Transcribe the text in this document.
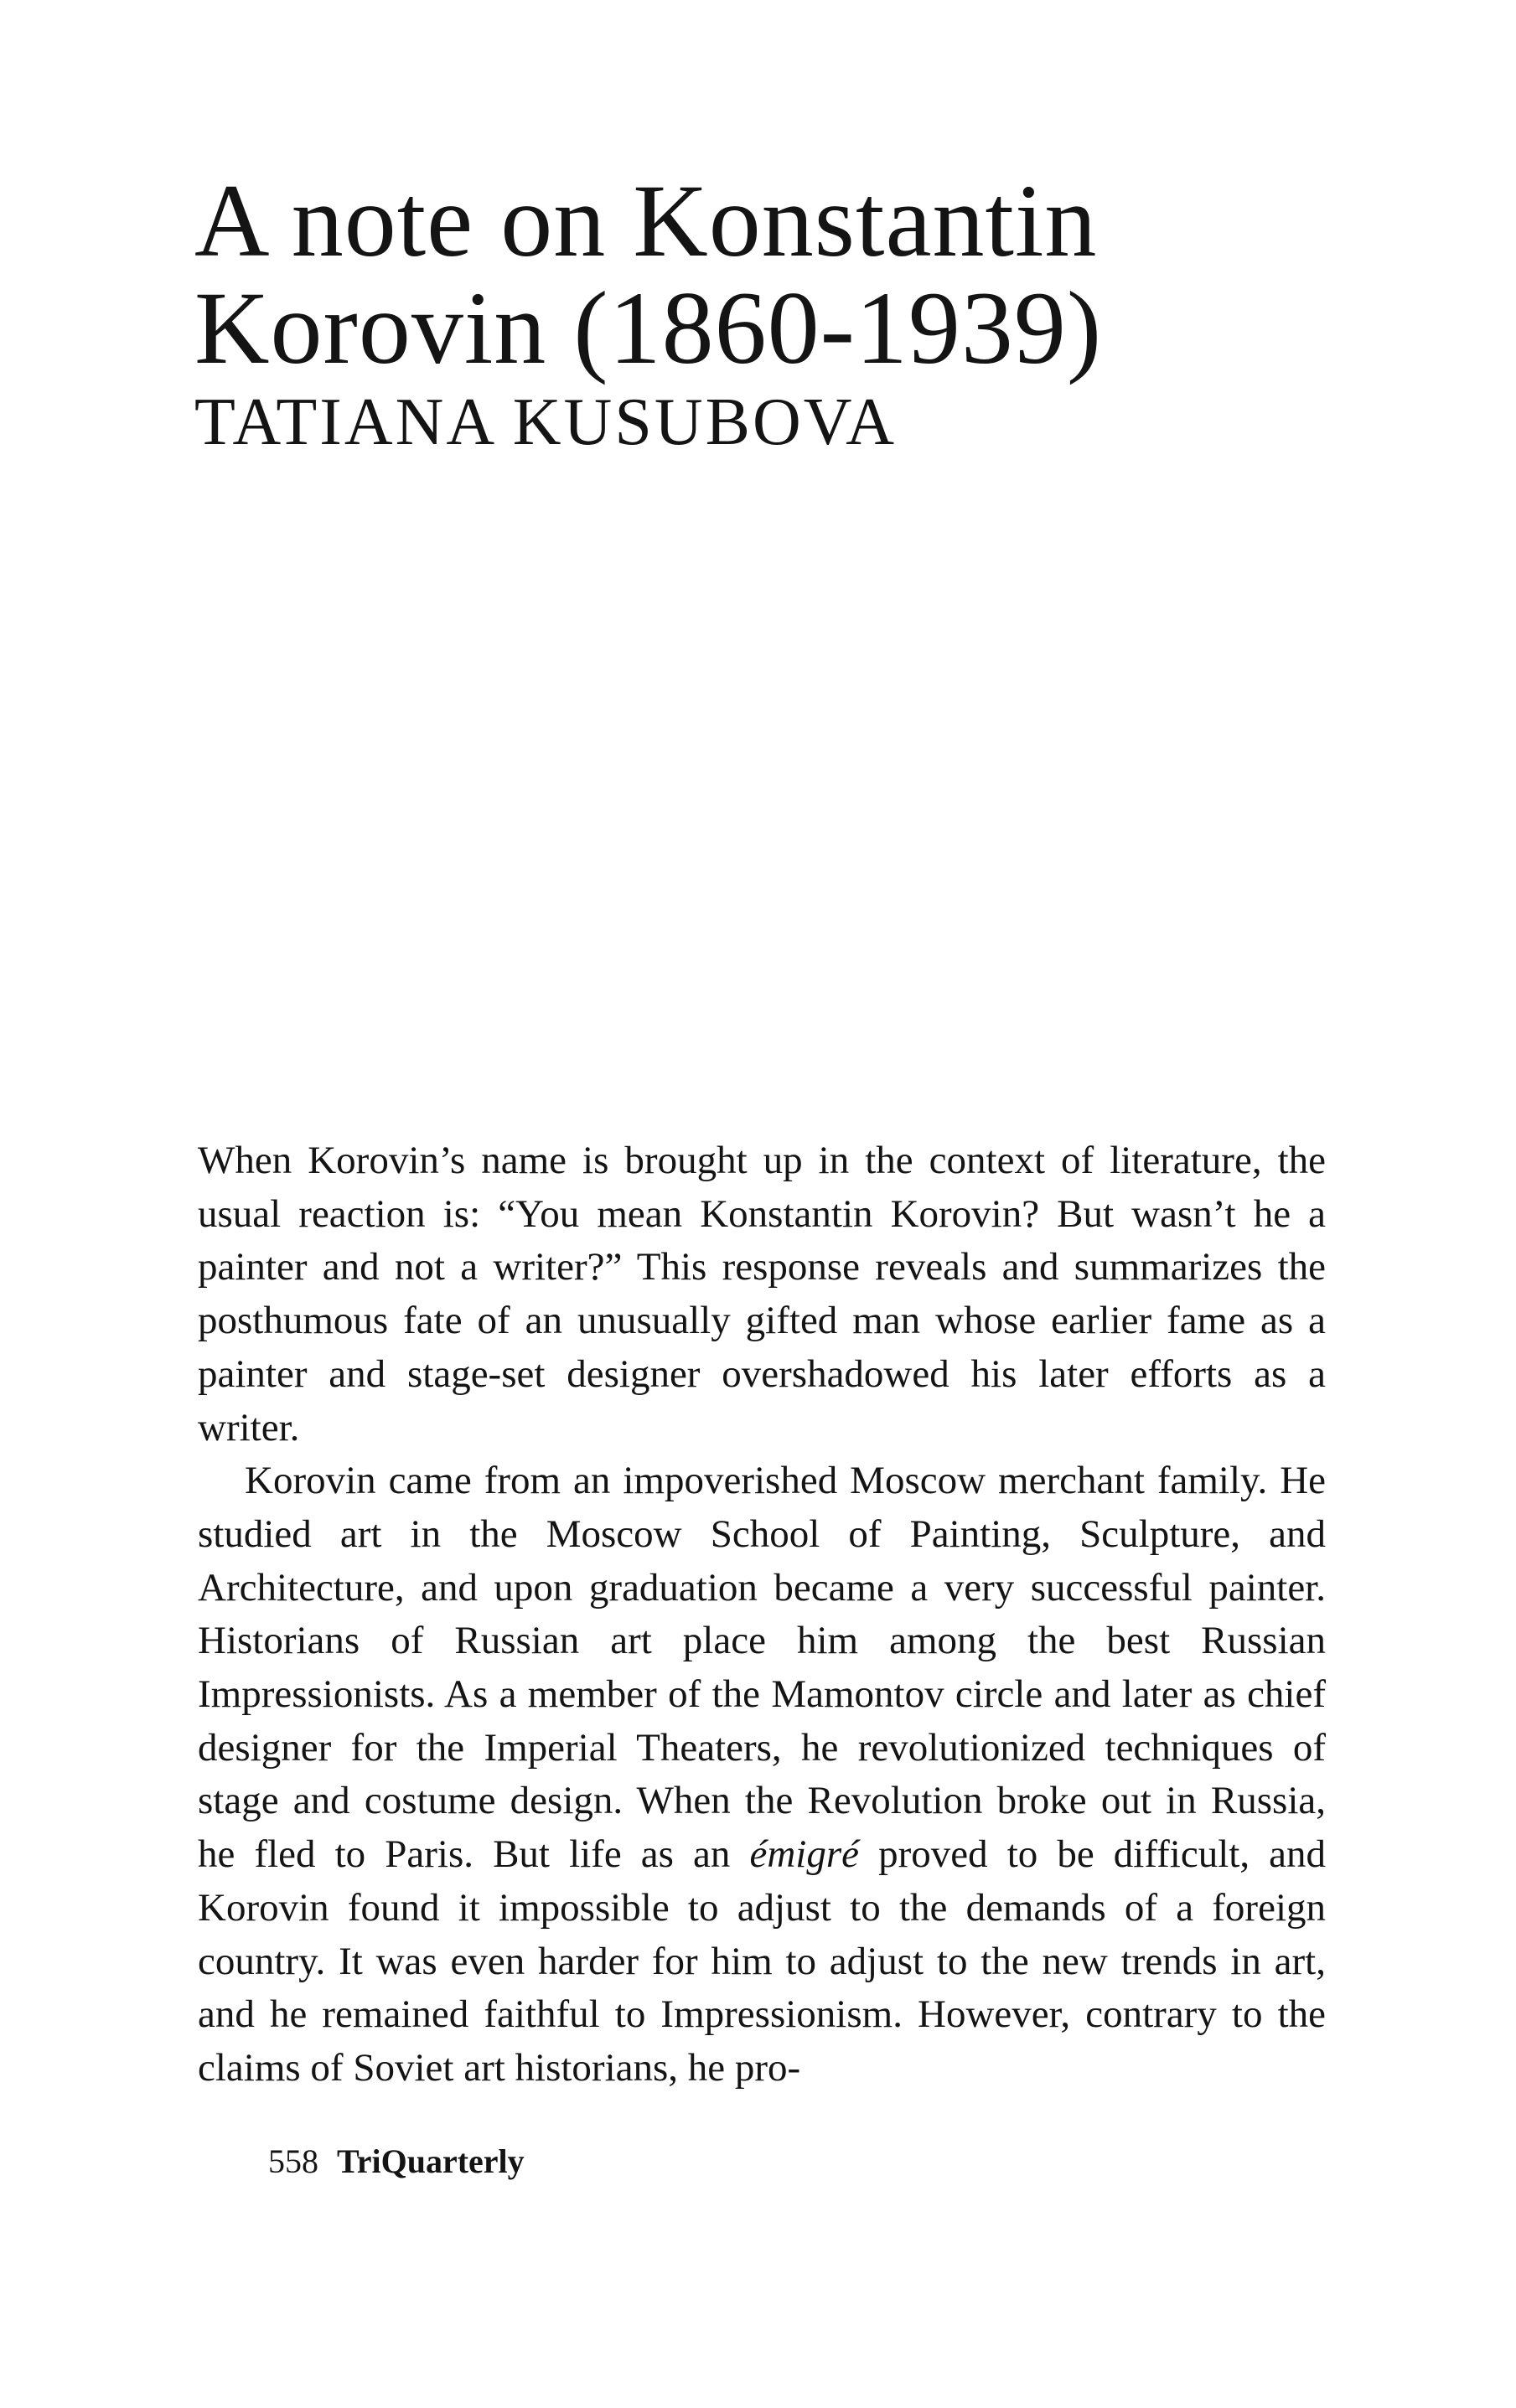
A note on Konstantin
Korovin (1860-1939)
TATIANA KUSUBOVA

When Korovin’s name is brought up in the context of literature, the usual reaction is: “You mean Konstantin Korovin? But wasn’t he a painter and not a writer?” This response reveals and summarizes the posthumous fate of an unusually gifted man whose earlier fame as a painter and stage-set designer overshadowed his later efforts as a writer.

Korovin came from an impoverished Moscow merchant family. He studied art in the Moscow School of Painting, Sculpture, and Architecture, and upon graduation became a very successful painter. Historians of Russian art place him among the best Russian Impressionists. As a member of the Mamontov circle and later as chief designer for the Imperial Theaters, he revolutionized techniques of stage and costume design. When the Revolution broke out in Russia, he fled to Paris. But life as an émigré proved to be difficult, and Korovin found it impossible to adjust to the demands of a foreign country. It was even harder for him to adjust to the new trends in art, and he remained faithful to Impressionism. However, contrary to the claims of Soviet art historians, he pro-

558 TriQuarterly
